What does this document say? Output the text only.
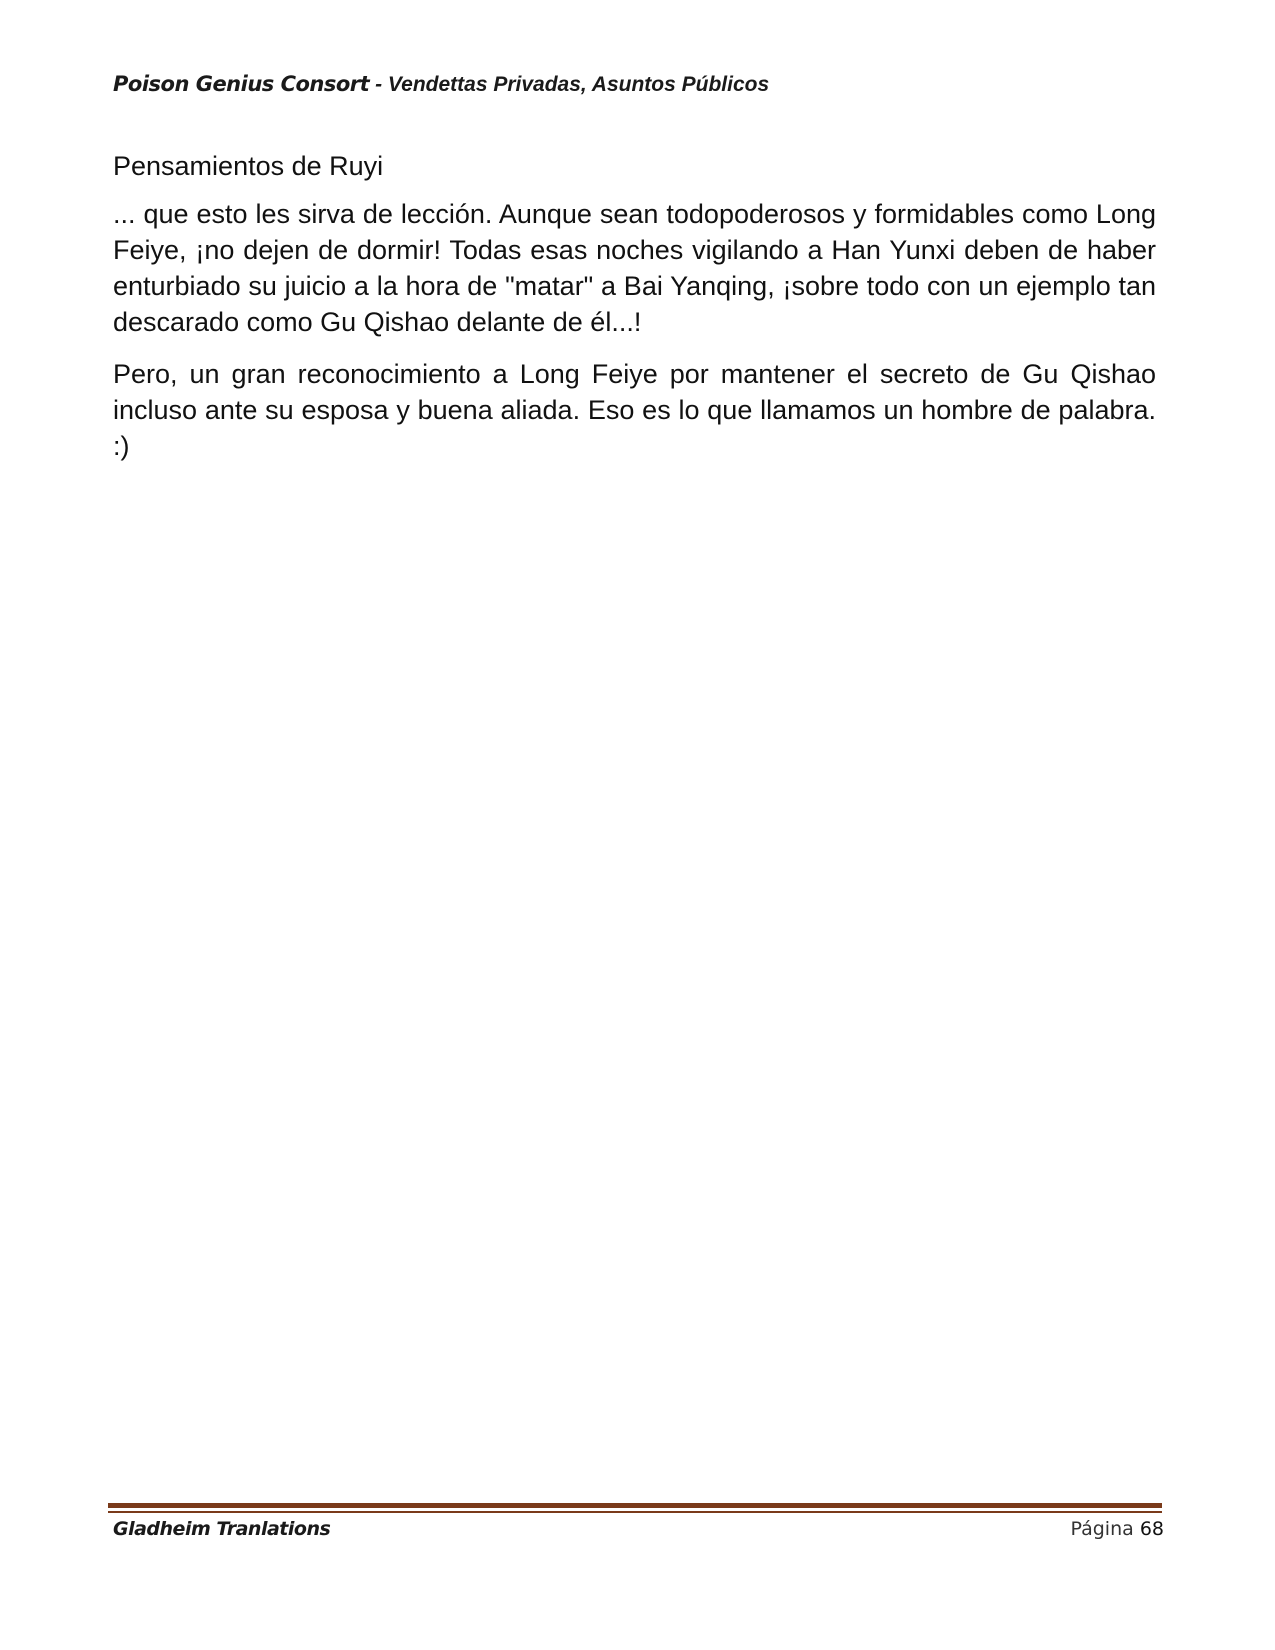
Poison Genius Consort - Vendettas Privadas, Asuntos Públicos

Pensamientos de Ruyi

... que esto les sirva de lección. Aunque sean todopoderosos y formidables como Long Feiye, ¡no dejen de dormir! Todas esas noches vigilando a Han Yunxi deben de haber enturbiado su juicio a la hora de "matar" a Bai Yanqing, ¡sobre todo con un ejemplo tan descarado como Gu Qishao delante de él...!

Pero, un gran reconocimiento a Long Feiye por mantener el secreto de Gu Qishao incluso ante su esposa y buena aliada. Eso es lo que llamamos un hombre de palabra. :)

Gladheim Tranlations	Página 68
